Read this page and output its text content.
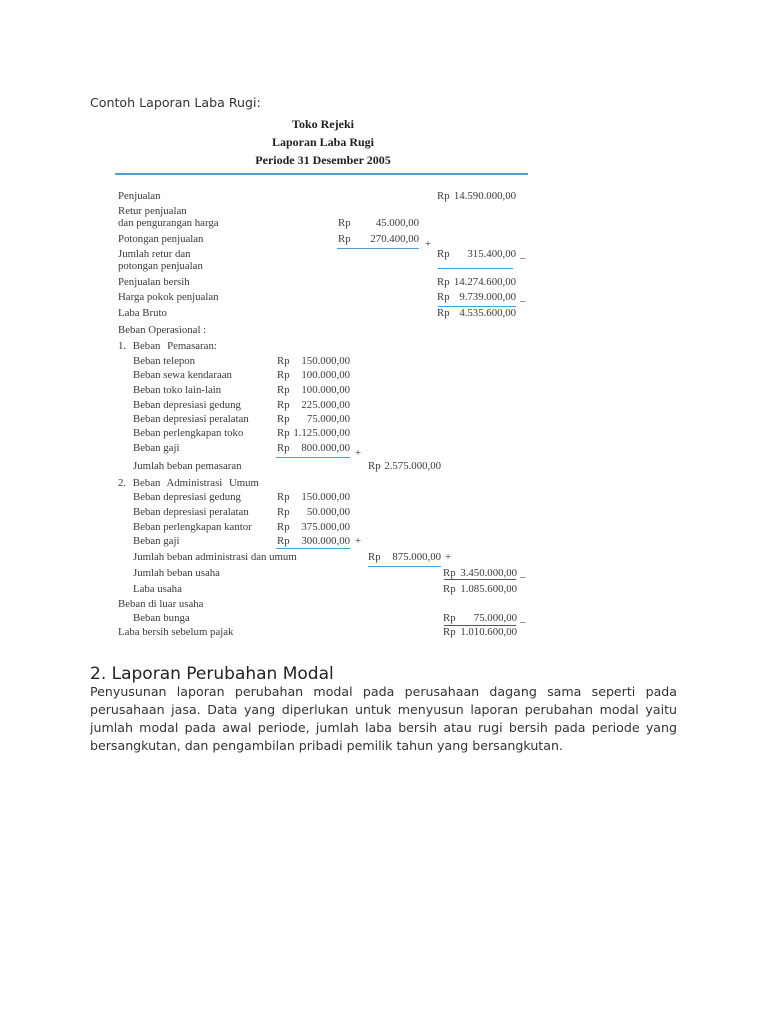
Contoh Laporan Laba Rugi:
Toko Rejeki
Laporan Laba Rugi
Periode 31 Desember 2005
Penjualan	Rp 14.590.000,00
Retur penjualan
dan pengurangan harga	Rp 45.000,00
Potongan penjualan	Rp 270.400,00 +
Jumlah retur dan
potongan penjualan
Rp 315.400,00 _
Penjualan bersih	Rp 14.274.600,00
Harga pokok penjualan	Rp 9.739.000,00 _
Laba Bruto	Rp 4.535.600,00
Beban Operasional :
1. Beban Pemasaran:
Beban telepon	Rp 150.000,00
Beban sewa kendaraan	Rp 100.000,00
Beban toko lain-lain	Rp 100.000,00
Beban depresiasi gedung	Rp 225.000,00
Beban depresiasi peralatan	Rp 75.000,00
Beban perlengkapan toko	Rp 1.125.000,00
Beban gaji	Rp 800.000,00 +
Jumlah beban pemasaran	Rp 2.575.000,00
2. Beban Administrasi Umum
Beban depresiasi gedung	Rp 150.000,00
Beban depresiasi peralatan	Rp 50.000,00
Beban perlengkapan kantor Rp 375.000,00
Beban gaji	Rp 300.000,00 +
Jumlah beban administrasi dan umum	Rp 875.000,00 +
Jumlah beban usaha	Rp 3.450.000,00 _
Laba usaha	Rp 1.085.600,00
Beban di luar usaha
Beban bunga	Rp 75.000,00 _
Laba bersih sebelum pajak	Rp 1.010.600,00
2. Laporan Perubahan Modal

Penyusunan laporan perubahan modal pada perusahaan dagang sama seperti pada perusahaan jasa. Data yang diperlukan untuk menyusun laporan perubahan modal yaitu jumlah modal pada awal periode, jumlah laba bersih atau rugi bersih pada periode yang bersangkutan, dan pengambilan pribadi pemilik tahun yang bersangkutan.
